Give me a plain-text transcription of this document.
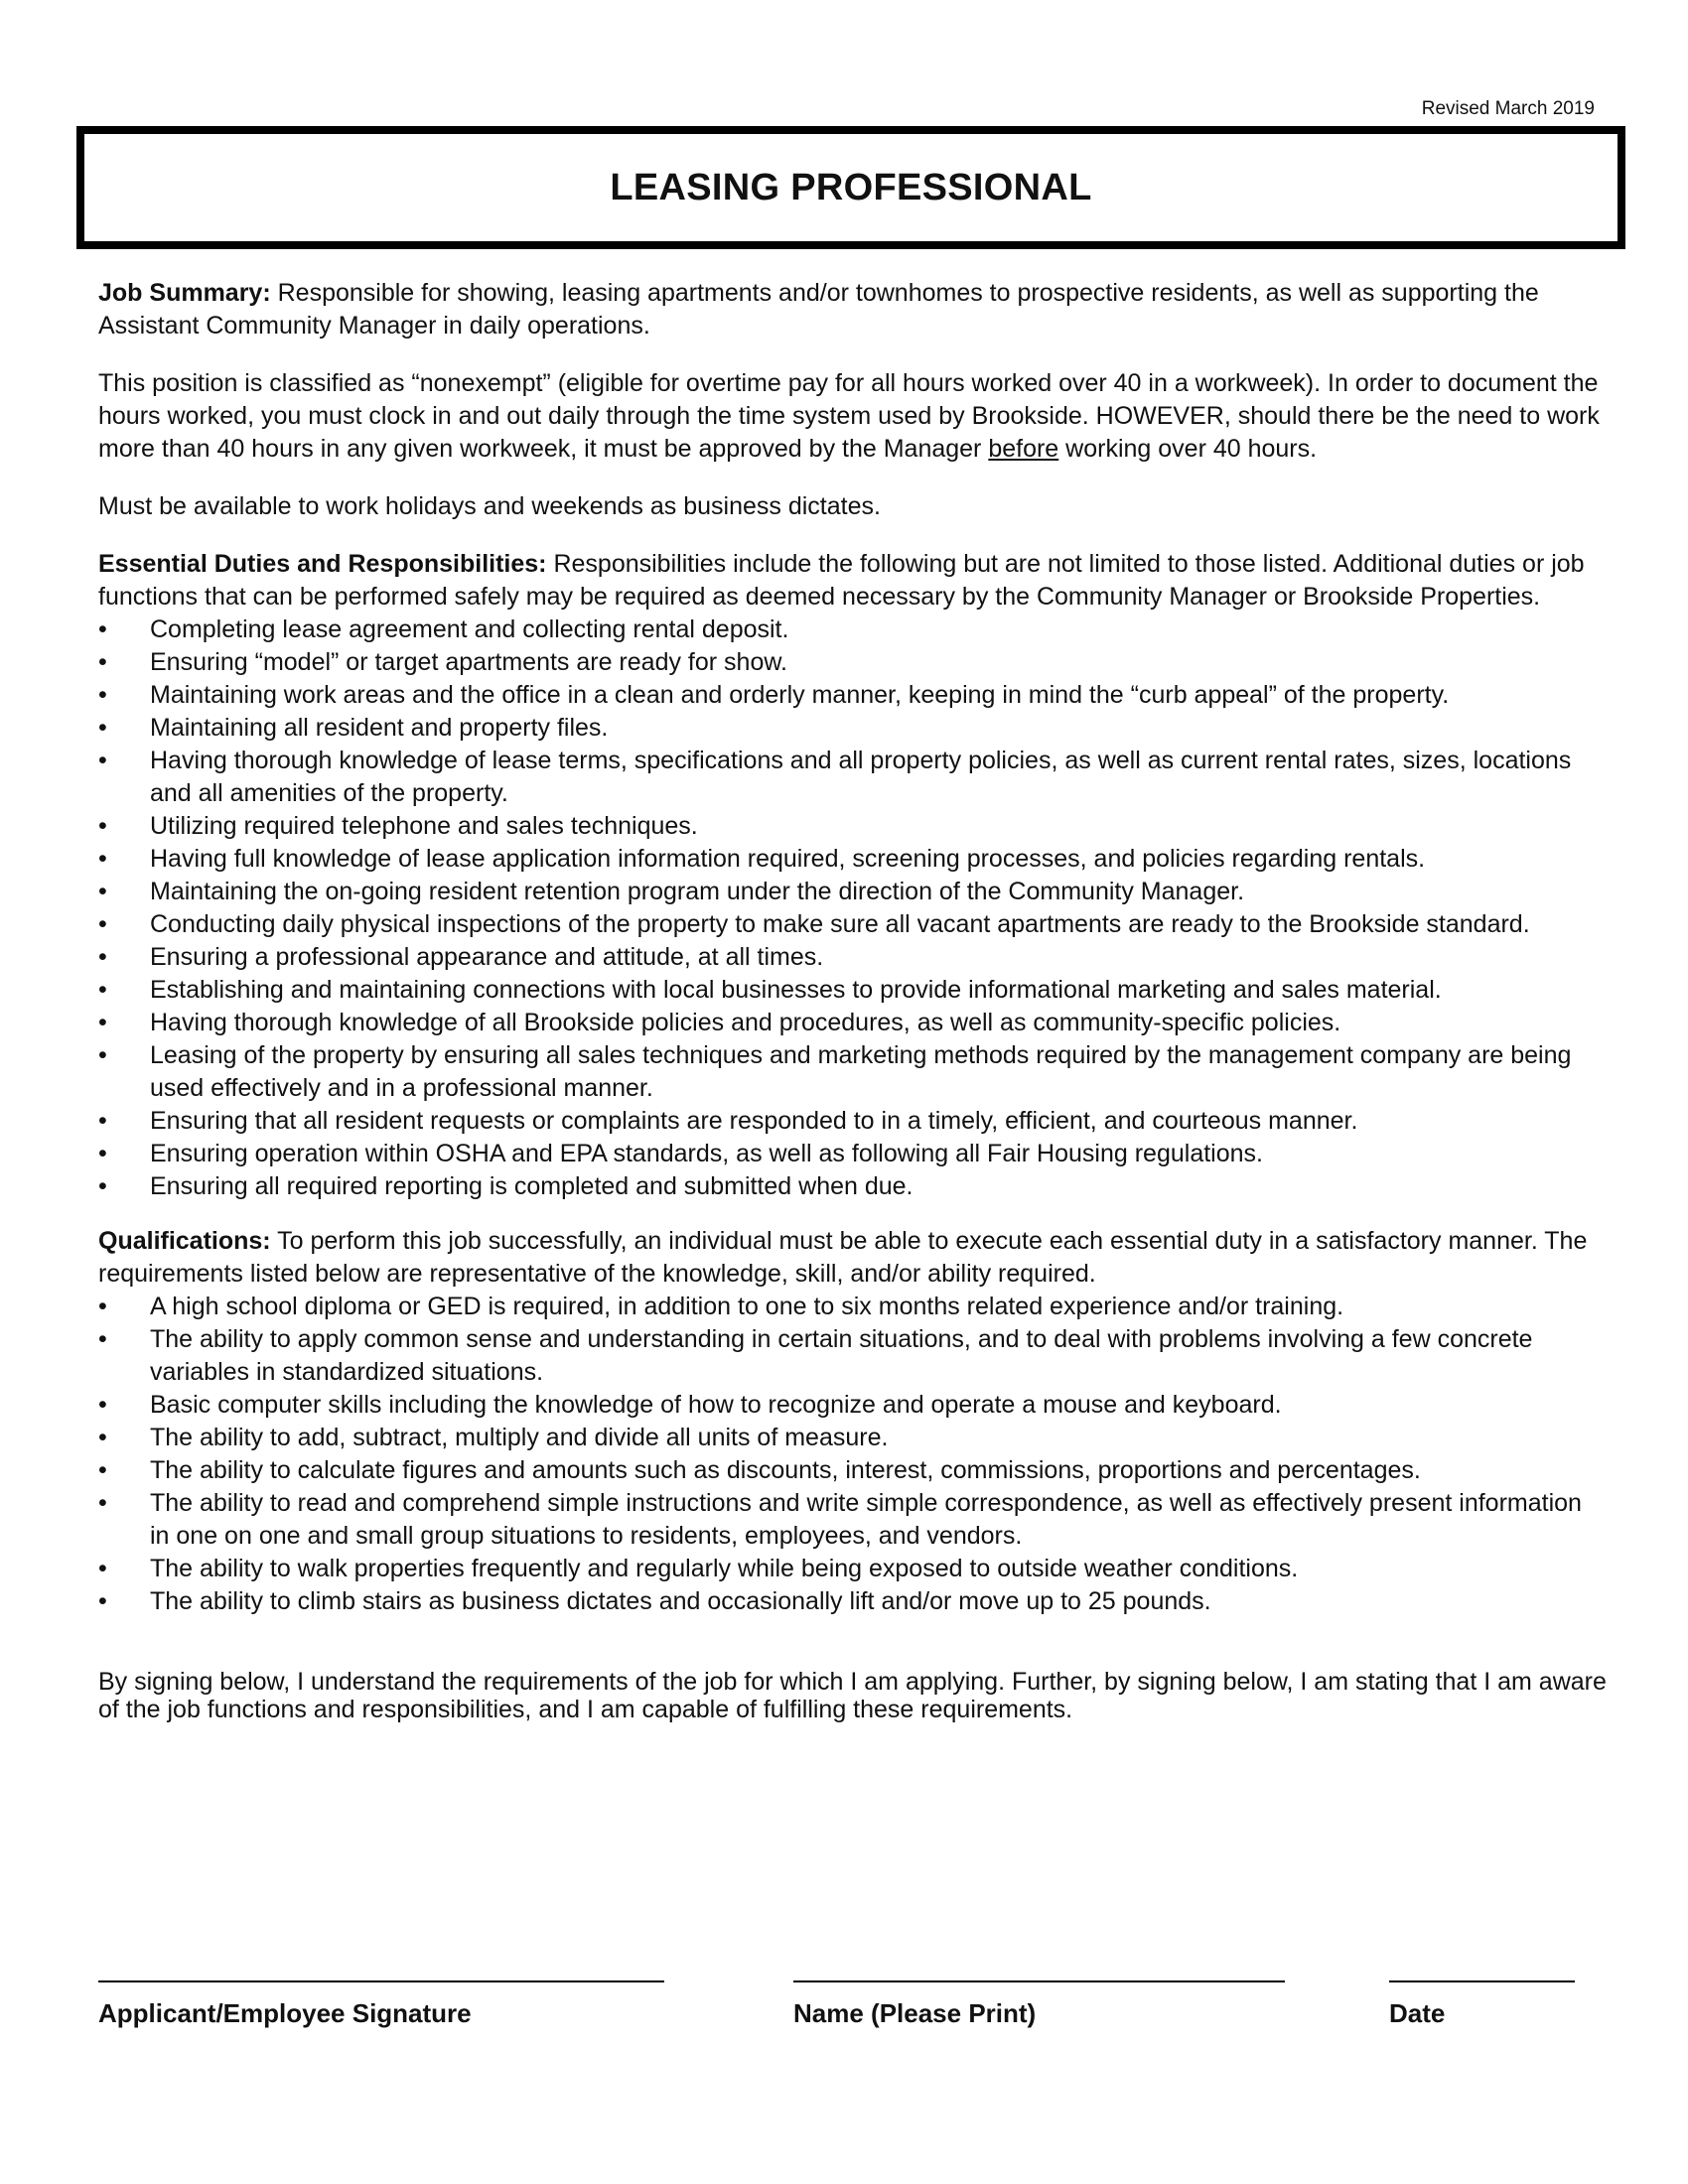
Revised March 2019
LEASING PROFESSIONAL

Job Summary: Responsible for showing, leasing apartments and/or townhomes to prospective residents, as well as supporting the Assistant Community Manager in daily operations.

This position is classified as “nonexempt” (eligible for overtime pay for all hours worked over 40 in a workweek). In order to document the hours worked, you must clock in and out daily through the time system used by Brookside. HOWEVER, should there be the need to work more than 40 hours in any given workweek, it must be approved by the Manager before working over 40 hours.

Must be available to work holidays and weekends as business dictates.

Essential Duties and Responsibilities: Responsibilities include the following but are not limited to those listed. Additional duties or job functions that can be performed safely may be required as deemed necessary by the Community Manager or Brookside Properties.

• Completing lease agreement and collecting rental deposit.
• Ensuring “model” or target apartments are ready for show.
• Maintaining work areas and the office in a clean and orderly manner, keeping in mind the “curb appeal” of the property.
• Maintaining all resident and property files.
• Having thorough knowledge of lease terms, specifications and all property policies, as well as current rental rates, sizes, locations and all amenities of the property.
• Utilizing required telephone and sales techniques.
• Having full knowledge of lease application information required, screening processes, and policies regarding rentals.
• Maintaining the on-going resident retention program under the direction of the Community Manager.
• Conducting daily physical inspections of the property to make sure all vacant apartments are ready to the Brookside standard.
• Ensuring a professional appearance and attitude, at all times.
• Establishing and maintaining connections with local businesses to provide informational marketing and sales material.
• Having thorough knowledge of all Brookside policies and procedures, as well as community-specific policies.
• Leasing of the property by ensuring all sales techniques and marketing methods required by the management company are being used effectively and in a professional manner.
• Ensuring that all resident requests or complaints are responded to in a timely, efficient, and courteous manner.
• Ensuring operation within OSHA and EPA standards, as well as following all Fair Housing regulations.
• Ensuring all required reporting is completed and submitted when due.

Qualifications: To perform this job successfully, an individual must be able to execute each essential duty in a satisfactory manner. The requirements listed below are representative of the knowledge, skill, and/or ability required.

• A high school diploma or GED is required, in addition to one to six months related experience and/or training.
• The ability to apply common sense and understanding in certain situations, and to deal with problems involving a few concrete variables in standardized situations.
• Basic computer skills including the knowledge of how to recognize and operate a mouse and keyboard.
• The ability to add, subtract, multiply and divide all units of measure.
• The ability to calculate figures and amounts such as discounts, interest, commissions, proportions and percentages.
• The ability to read and comprehend simple instructions and write simple correspondence, as well as effectively present information in one on one and small group situations to residents, employees, and vendors.
• The ability to walk properties frequently and regularly while being exposed to outside weather conditions.
• The ability to climb stairs as business dictates and occasionally lift and/or move up to 25 pounds.

By signing below, I understand the requirements of the job for which I am applying. Further, by signing below, I am stating that I am aware of the job functions and responsibilities, and I am capable of fulfilling these requirements.

Applicant/Employee Signature	Name (Please Print)	Date
